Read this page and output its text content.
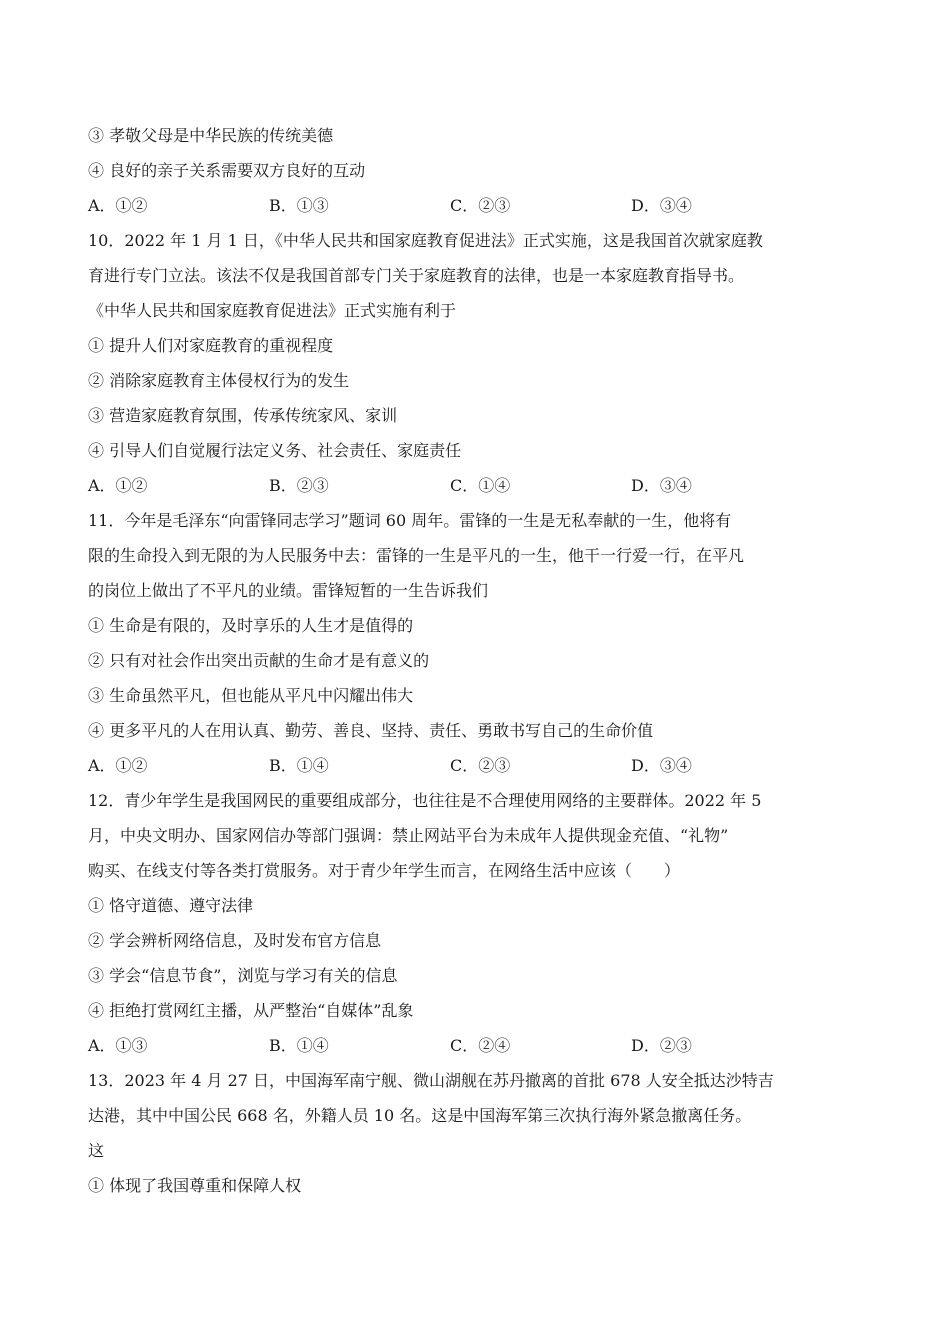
③ 孝敬父母是中华民族的传统美德
④ 良好的亲子关系需要双方良好的互动
A．①②	B．①③	C．②③	D．③④
10．2022 年 1 月 1 日，《中华人民共和国家庭教育促进法》正式实施，这是我国首次就家庭教
育进行专门立法。该法不仅是我国首部专门关于家庭教育的法律，也是一本家庭教育指导书。
《中华人民共和国家庭教育促进法》正式实施有利于
① 提升人们对家庭教育的重视程度
② 消除家庭教育主体侵权行为的发生
③ 营造家庭教育氛围，传承传统家风、家训
④ 引导人们自觉履行法定义务、社会责任、家庭责任
A．①②	B．②③	C．①④	D．③④
11．今年是毛泽东“向雷锋同志学习”题词 60 周年。雷锋的一生是无私奉献的一生，他将有
限的生命投入到无限的为人民服务中去：雷锋的一生是平凡的一生，他干一行爱一行，在平凡
的岗位上做出了不平凡的业绩。雷锋短暂的一生告诉我们
① 生命是有限的，及时享乐的人生才是值得的
② 只有对社会作出突出贡献的生命才是有意义的
③ 生命虽然平凡，但也能从平凡中闪耀出伟大
④ 更多平凡的人在用认真、勤劳、善良、坚持、责任、勇敢书写自己的生命价值
A．①②	B．①④	C．②③	D．③④
12．青少年学生是我国网民的重要组成部分，也往往是不合理使用网络的主要群体。2022 年 5
月，中央文明办、国家网信办等部门强调：禁止网站平台为未成年人提供现金充值、“礼物”
购买、在线支付等各类打赏服务。对于青少年学生而言，在网络生活中应该（　　）
① 恪守道德、遵守法律
② 学会辨析网络信息，及时发布官方信息
③ 学会“信息节食”，浏览与学习有关的信息
④ 拒绝打赏网红主播，从严整治“自媒体”乱象
A．①③	B．①④	C．②④	D．②③
13．2023 年 4 月 27 日，中国海军南宁舰、微山湖舰在苏丹撤离的首批 678 人安全抵达沙特吉
达港，其中中国公民 668 名，外籍人员 10 名。这是中国海军第三次执行海外紧急撤离任务。
这
① 体现了我国尊重和保障人权
